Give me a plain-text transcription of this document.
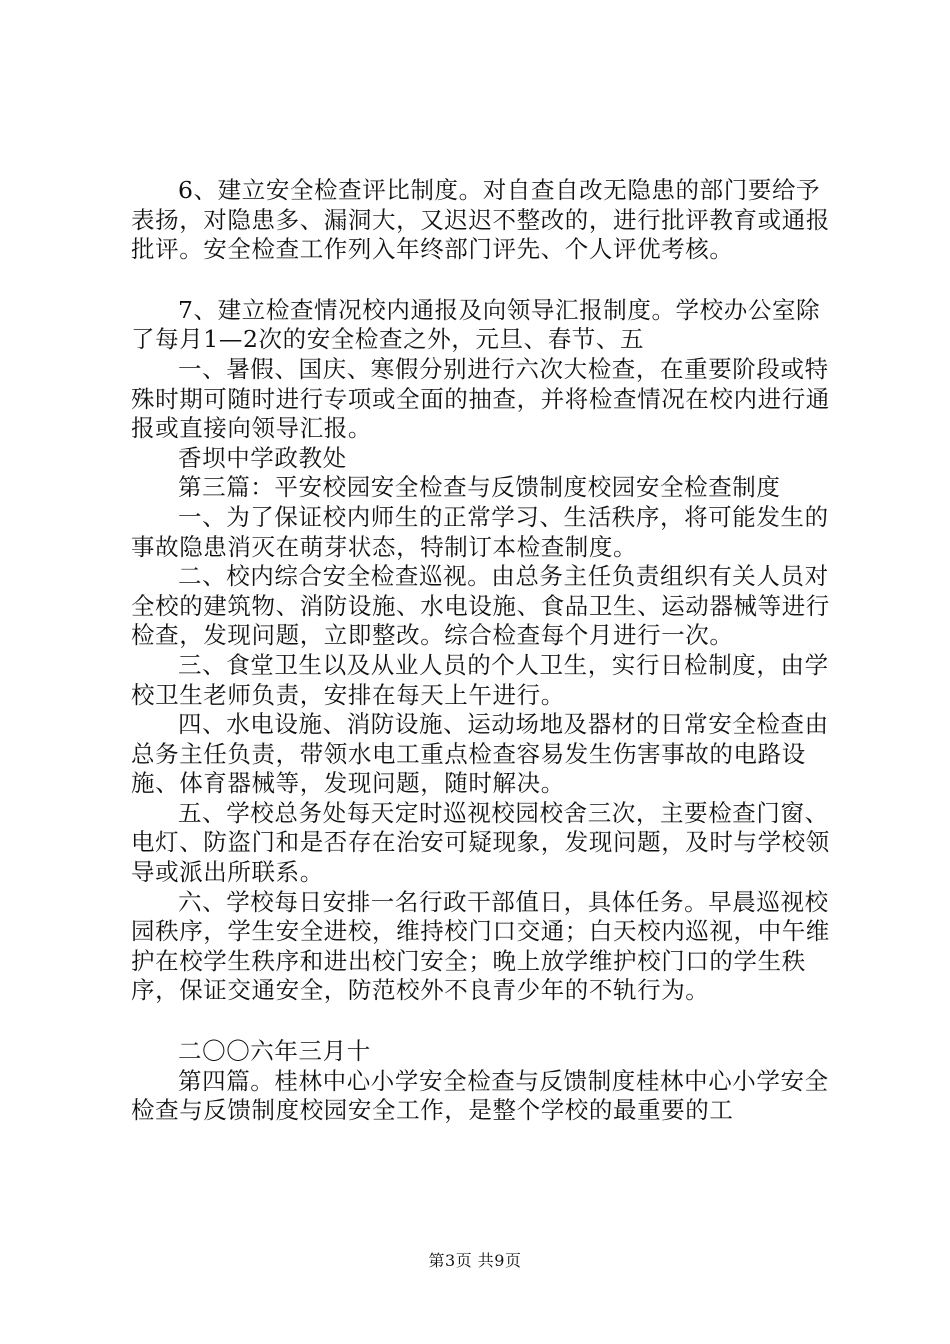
6、建立安全检查评比制度。对自查自改无隐患的部门要给予表扬，对隐患多、漏洞大，又迟迟不整改的，进行批评教育或通报批评。安全检查工作列入年终部门评先、个人评优考核。

7、建立检查情况校内通报及向领导汇报制度。学校办公室除了每月1—2次的安全检查之外，元旦、春节、五

一、暑假、国庆、寒假分别进行六次大检查，在重要阶段或特殊时期可随时进行专项或全面的抽查，并将检查情况在校内进行通报或直接向领导汇报。

香坝中学政教处

第三篇：平安校园安全检查与反馈制度校园安全检查制度

一、为了保证校内师生的正常学习、生活秩序，将可能发生的事故隐患消灭在萌芽状态，特制订本检查制度。

二、校内综合安全检查巡视。由总务主任负责组织有关人员对全校的建筑物、消防设施、水电设施、食品卫生、运动器械等进行检查，发现问题，立即整改。综合检查每个月进行一次。

三、食堂卫生以及从业人员的个人卫生，实行日检制度，由学校卫生老师负责，安排在每天上午进行。

四、水电设施、消防设施、运动场地及器材的日常安全检查由总务主任负责，带领水电工重点检查容易发生伤害事故的电路设施、体育器械等，发现问题，随时解决。

五、学校总务处每天定时巡视校园校舍三次，主要检查门窗、电灯、防盗门和是否存在治安可疑现象，发现问题，及时与学校领导或派出所联系。

六、学校每日安排一名行政干部值日，具体任务。早晨巡视校园秩序，学生安全进校，维持校门口交通；白天校内巡视，中午维护在校学生秩序和进出校门安全；晚上放学维护校门口的学生秩序，保证交通安全，防范校外不良青少年的不轨行为。

二〇〇六年三月十

第四篇。桂林中心小学安全检查与反馈制度桂林中心小学安全检查与反馈制度校园安全工作，是整个学校的最重要的工

第3页 共9页
